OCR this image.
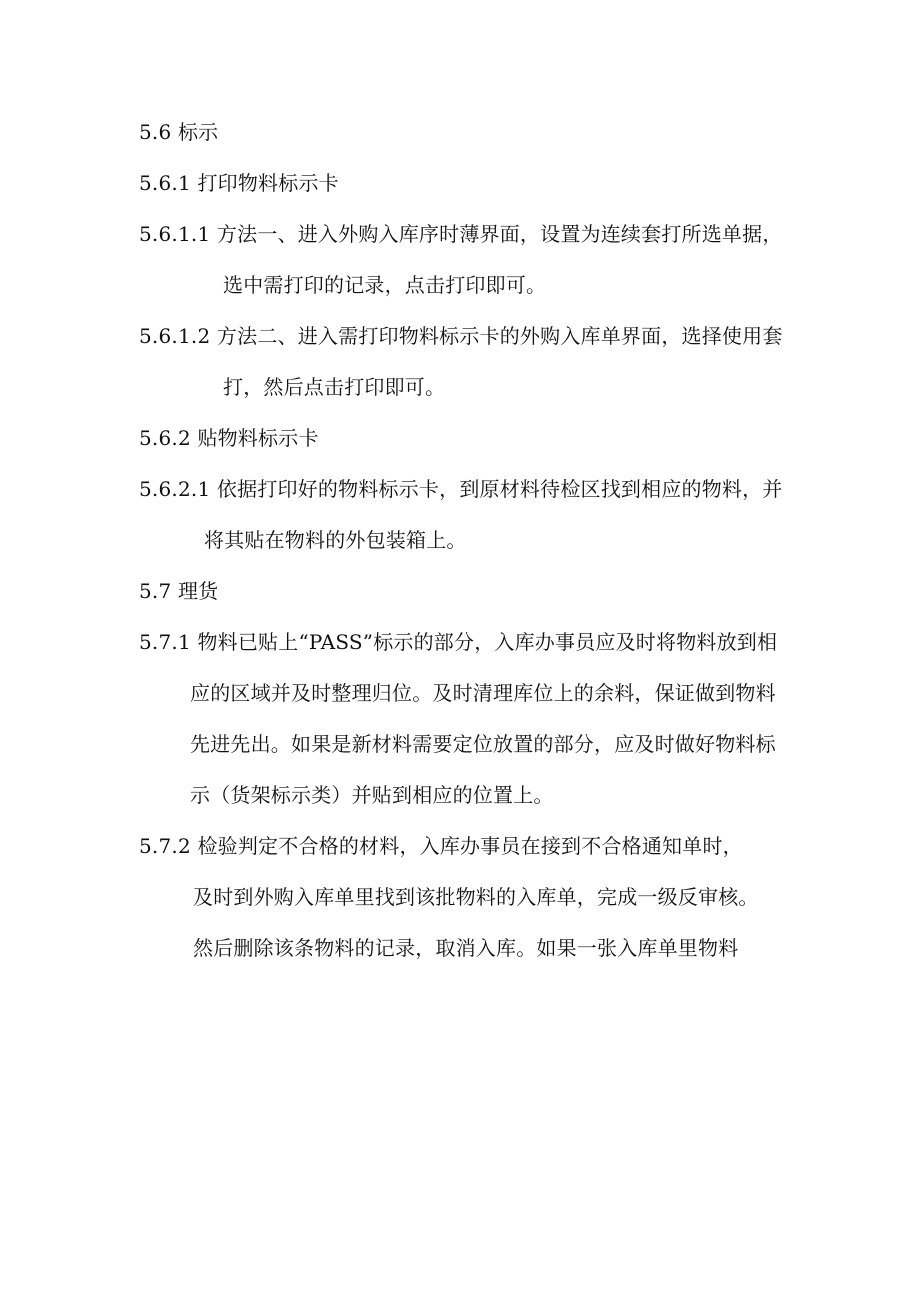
5.6 标示
5.6.1 打印物料标示卡
5.6.1.1 方法一、进入外购入库序时薄界面，设置为连续套打所选单据，
选中需打印的记录，点击打印即可。
5.6.1.2 方法二、进入需打印物料标示卡的外购入库单界面，选择使用套
打，然后点击打印即可。
5.6.2 贴物料标示卡
5.6.2.1 依据打印好的物料标示卡，到原材料待检区找到相应的物料，并
将其贴在物料的外包装箱上。
5.7 理货
5.7.1 物料已贴上“PASS”标示的部分，入库办事员应及时将物料放到相
应的区域并及时整理归位。及时清理库位上的余料，保证做到物料
先进先出。如果是新材料需要定位放置的部分，应及时做好物料标
示（货架标示类）并贴到相应的位置上。
5.7.2 检验判定不合格的材料，入库办事员在接到不合格通知单时，
及时到外购入库单里找到该批物料的入库单，完成一级反审核。
然后删除该条物料的记录，取消入库。如果一张入库单里物料
